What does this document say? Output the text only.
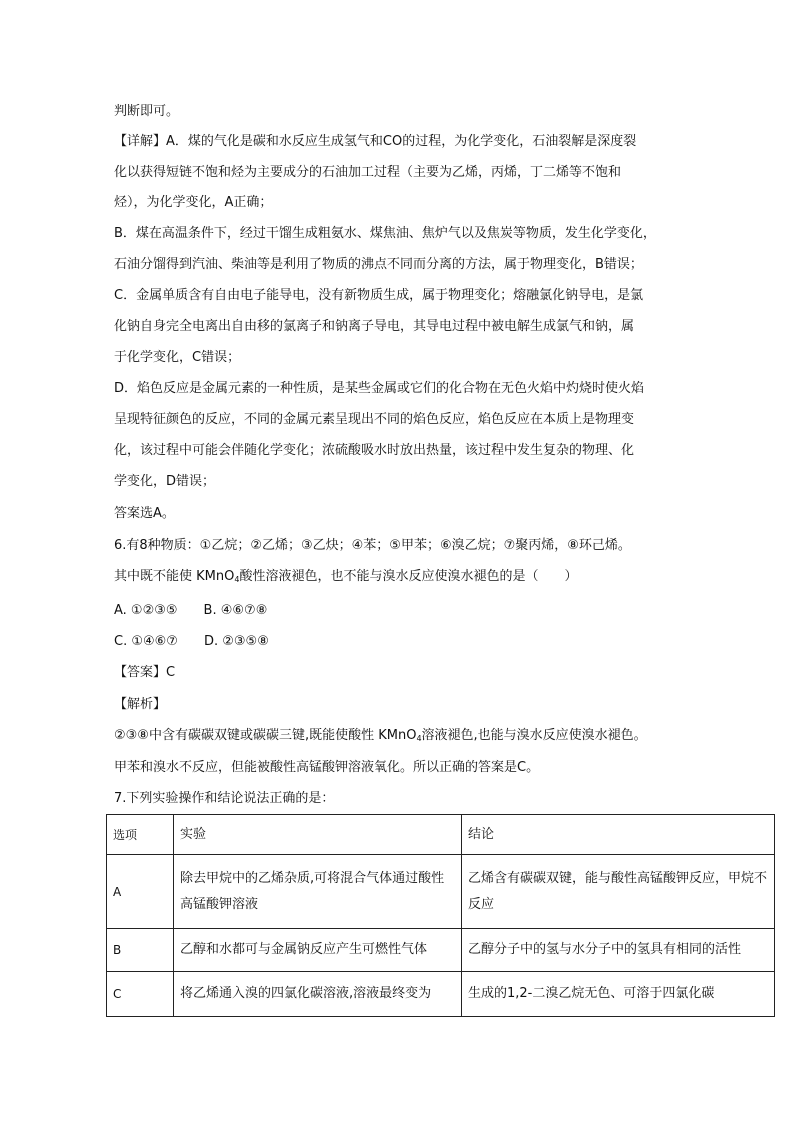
判断即可。
【详解】A．煤的气化是碳和水反应生成氢气和CO的过程，为化学变化，石油裂解是深度裂
化以获得短链不饱和烃为主要成分的石油加工过程（主要为乙烯，丙烯，丁二烯等不饱和
烃），为化学变化，A正确；
B．煤在高温条件下，经过干馏生成粗氨水、煤焦油、焦炉气以及焦炭等物质，发生化学变化，
石油分馏得到汽油、柴油等是利用了物质的沸点不同而分离的方法，属于物理变化，B错误；
C．金属单质含有自由电子能导电，没有新物质生成，属于物理变化；熔融氯化钠导电，是氯
化钠自身完全电离出自由移的氯离子和钠离子导电，其导电过程中被电解生成氯气和钠，属
于化学变化，C错误；
D．焰色反应是金属元素的一种性质，是某些金属或它们的化合物在无色火焰中灼烧时使火焰
呈现特征颜色的反应，不同的金属元素呈现出不同的焰色反应，焰色反应在本质上是物理变
化，该过程中可能会伴随化学变化；浓硫酸吸水时放出热量，该过程中发生复杂的物理、化
学变化，D错误；
答案选A。
6.有8种物质：①乙烷；②乙烯；③乙炔；④苯；⑤甲苯；⑥溴乙烷；⑦聚丙烯，⑧环己烯。
其中既不能使 KMnO$_4$酸性溶液褪色，也不能与溴水反应使溴水褪色的是（　　）
A. ①②③⑤　　B. ④⑥⑦⑧
C. ①④⑥⑦　　D. ②③⑤⑧
【答案】C
【解析】
②③⑧中含有碳碳双键或碳碳三键,既能使酸性 KMnO$_4$溶液褪色,也能与溴水反应使溴水褪色。
甲苯和溴水不反应，但能被酸性高锰酸钾溶液氧化。所以正确的答案是C。
7.下列实验操作和结论说法正确的是：
选项	实验	结论
A	除去甲烷中的乙烯杂质,可将混合气体通过酸性高锰酸钾溶液	乙烯含有碳碳双键，能与酸性高锰酸钾反应，甲烷不反应
B	乙醇和水都可与金属钠反应产生可燃性气体	乙醇分子中的氢与水分子中的氢具有相同的活性
C	将乙烯通入溴的四氯化碳溶液,溶液最终变为	生成的1,2-二溴乙烷无色、可溶于四氯化碳
